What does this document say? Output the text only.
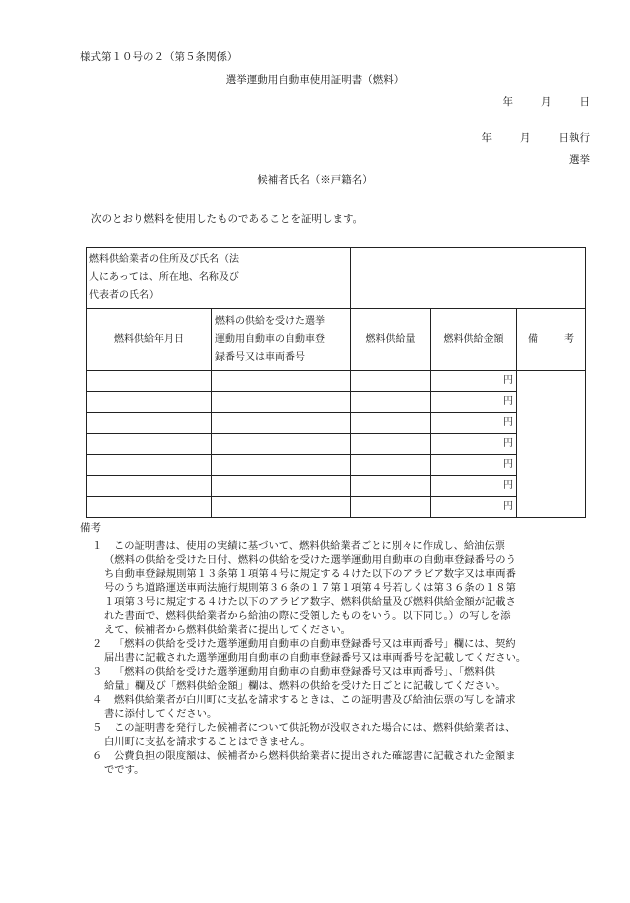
様式第１０号の２（第５条関係）
選挙運動用自動車使用証明書（燃料）
年	月	日
年	月	日執行
選挙
候補者氏名（※戸籍名）
次のとおり燃料を使用したものであることを証明します。
燃料供給業者の住所及び氏名（法
人にあっては、所在地、名称及び
代表者の氏名）				

燃料供給年月日	燃料の供給を受けた選挙
運動用自動車の自動車登
録番号又は車両番号	燃料供給量	燃料供給金額	備 考
			円	
			円	
			円	
			円	
			円	
			円	
			円	
備考
１	この証明書は、使用の実績に基づいて、燃料供給業者ごとに別々に作成し、給油伝票
（燃料の供給を受けた日付、燃料の供給を受けた選挙運動用自動車の自動車登録番号のう
ち自動車登録規則第１３条第１項第４号に規定する４けた以下のアラビア数字又は車両番
号のうち道路運送車両法施行規則第３６条の１７第１項第４号若しくは第３６条の１８第
１項第３号に規定する４けた以下のアラビア数字、燃料供給量及び燃料供給金額が記載さ
れた書面で、燃料供給業者から給油の際に受領したものをいう。以下同じ。）の写しを添
えて、候補者から燃料供給業者に提出してください。
２	「燃料の供給を受けた選挙運動用自動車の自動車登録番号又は車両番号」欄には、契約
届出書に記載された選挙運動用自動車の自動車登録番号又は車両番号を記載してください。
３	「燃料の供給を受けた選挙運動用自動車の自動車登録番号又は車両番号」、「燃料供
給量」欄及び「燃料供給金額」欄は、燃料の供給を受けた日ごとに記載してください。
４	燃料供給業者が白川町に支払を請求するときは、この証明書及び給油伝票の写しを請求
書に添付してください。
５	この証明書を発行した候補者について供託物が没収された場合には、燃料供給業者は、
白川町に支払を請求することはできません。
６	公費負担の限度額は、候補者から燃料供給業者に提出された確認書に記載された金額ま
でです。
